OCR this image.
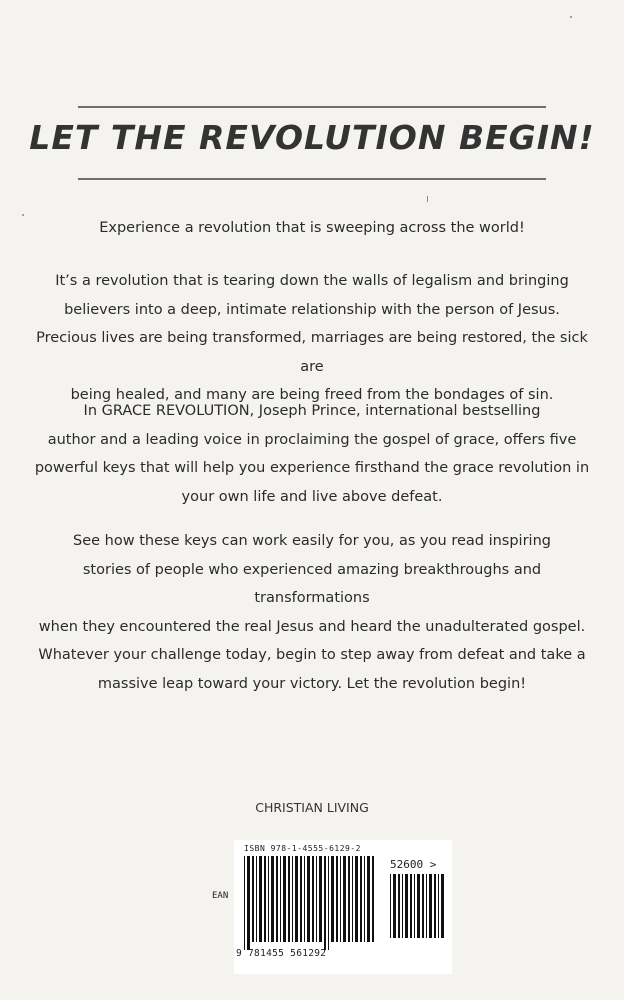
LET THE REVOLUTION BEGIN!
Experience a revolution that is sweeping across the world!
It’s a revolution that is tearing down the walls of legalism and bringing
believers into a deep, intimate relationship with the person of Jesus.
Precious lives are being transformed, marriages are being restored, the sick are
being healed, and many are being freed from the bondages of sin.
In GRACE REVOLUTION, Joseph Prince, international bestselling
author and a leading voice in proclaiming the gospel of grace, offers five
powerful keys that will help you experience firsthand the grace revolution in
your own life and live above defeat.
See how these keys can work easily for you, as you read inspiring
stories of people who experienced amazing breakthroughs and transformations
when they encountered the real Jesus and heard the unadulterated gospel.
Whatever your challenge today, begin to step away from defeat and take a
massive leap toward your victory. Let the revolution begin!
CHRISTIAN LIVING
ISBN 978-1-4555-6129-2
52600 >
EAN
9 781455 561292
